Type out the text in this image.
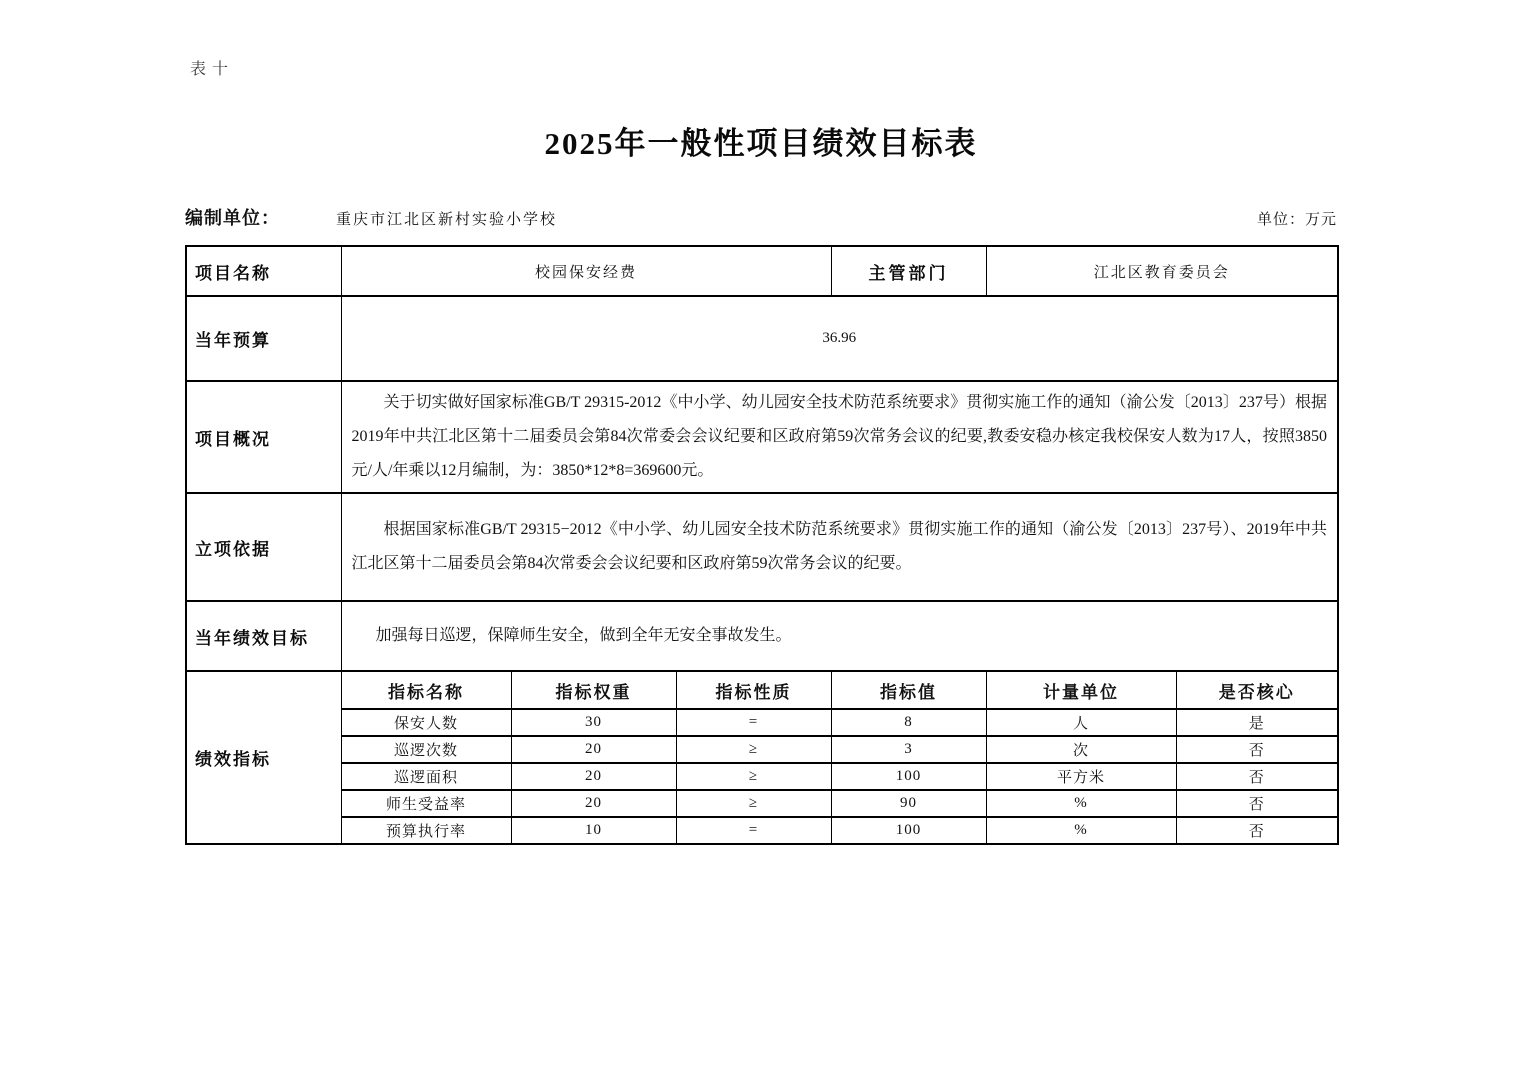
表十
2025年一般性项目绩效目标表
编制单位：	重庆市江北区新村实验小学校	单位：万元
项目名称	校园保安经费			主管部门	江北区教育委员会	
当年预算	36.96					
项目概况	关于切实做好国家标准GB/T 29315-2012《中小学、幼儿园安全技术防范系统要求》贯彻实施工作的通知（渝公发〔2013〕237号）根据2019年中共江北区第十二届委员会第84次常委会会议纪要和区政府第59次常务会议的纪要,教委安稳办核定我校保安人数为17人，按照3850元/人/年乘以12月编制，为：3850*12*8=369600元。					

立项依据	根据国家标准GB/T 29315−2012《中小学、幼儿园安全技术防范系统要求》贯彻实施工作的通知（渝公发〔2013〕237号）、2019年中共江北区第十二届委员会第84次常委会会议纪要和区政府第59次常务会议的纪要。					

当年绩效目标	加强每日巡逻，保障师生安全，做到全年无安全事故发生。					

绩效指标	指标名称	指标权重	指标性质	指标值	计量单位	是否核心
	保安人数	30	=	8	人	是
	巡逻次数	20	≥	3	次	否
	巡逻面积	20	≥	100	平方米	否
	师生受益率	20	≥	90	%	否
	预算执行率	10	=	100	%	否
